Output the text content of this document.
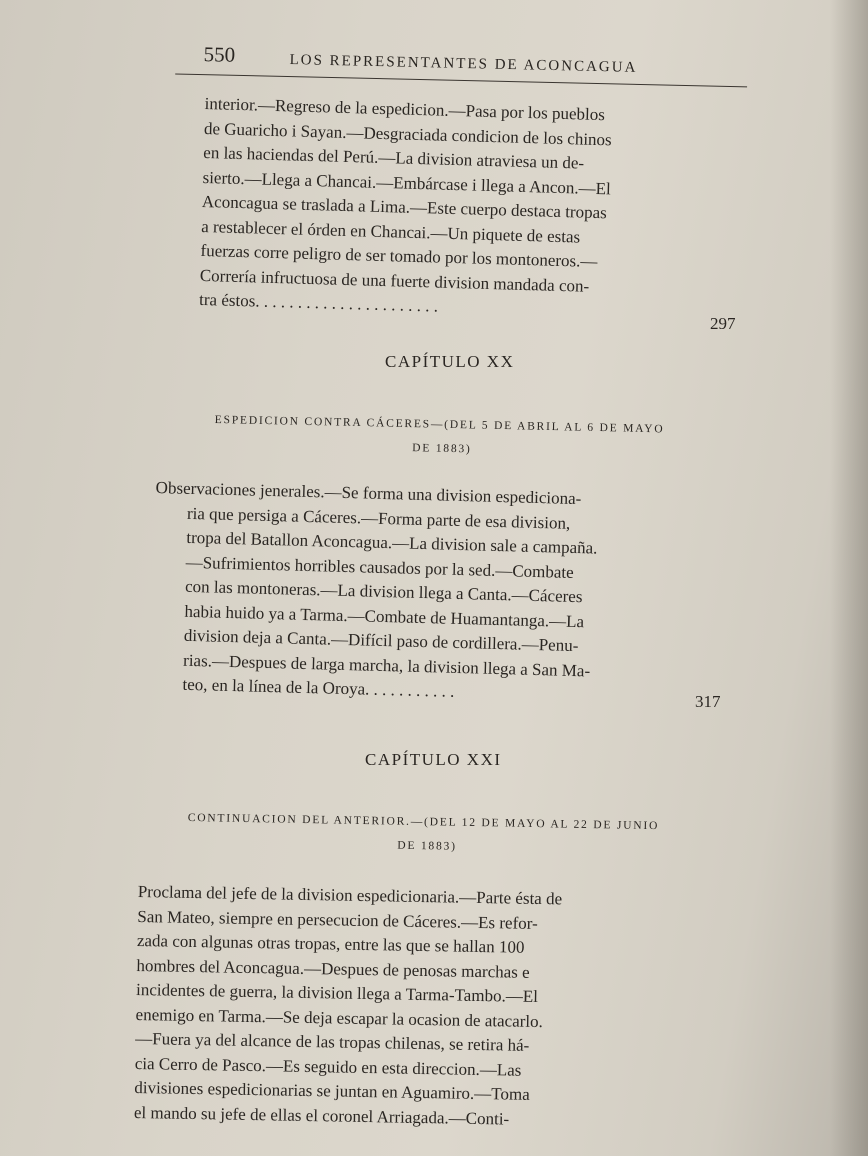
550	LOS REPRESENTANTES DE ACONCAGUA
interior.—Regreso de la espedicion.—Pasa por los pueblos
de Guaricho i Sayan.—Desgraciada condicion de los chinos
en las haciendas del Perú.—La division atraviesa un de-
sierto.—Llega a Chancai.—Embárcase i llega a Ancon.—El
Aconcagua se traslada a Lima.—Este cuerpo destaca tropas
a restablecer el órden en Chancai.—Un piquete de estas
fuerzas corre peligro de ser tomado por los montoneros.—
Correría infructuosa de una fuerte division mandada con-
tra éstos. . . . . . . . . . . . . . . . . . . . . .
297
CAPÍTULO XX
ESPEDICION CONTRA CÁCERES—(DEL 5 DE ABRIL AL 6 DE MAYO
DE 1883)
Observaciones jenerales.—Se forma una division espediciona-
ria que persiga a Cáceres.—Forma parte de esa division,
tropa del Batallon Aconcagua.—La division sale a campaña.
—Sufrimientos horribles causados por la sed.—Combate
con las montoneras.—La division llega a Canta.—Cáceres
habia huido ya a Tarma.—Combate de Huamantanga.—La
division deja a Canta.—Difícil paso de cordillera.—Penu-
rias.—Despues de larga marcha, la division llega a San Ma-
teo, en la línea de la Oroya. . . . . . . . . . .
317
CAPÍTULO XXI
CONTINUACION DEL ANTERIOR.—(DEL 12 DE MAYO AL 22 DE JUNIO
DE 1883)
Proclama del jefe de la division espedicionaria.—Parte ésta de
San Mateo, siempre en persecucion de Cáceres.—Es refor-
zada con algunas otras tropas, entre las que se hallan 100
hombres del Aconcagua.—Despues de penosas marchas e
incidentes de guerra, la division llega a Tarma-Tambo.—El
enemigo en Tarma.—Se deja escapar la ocasion de atacarlo.
—Fuera ya del alcance de las tropas chilenas, se retira há-
cia Cerro de Pasco.—Es seguido en esta direccion.—Las
divisiones espedicionarias se juntan en Aguamiro.—Toma
el mando su jefe de ellas el coronel Arriagada.—Conti-
